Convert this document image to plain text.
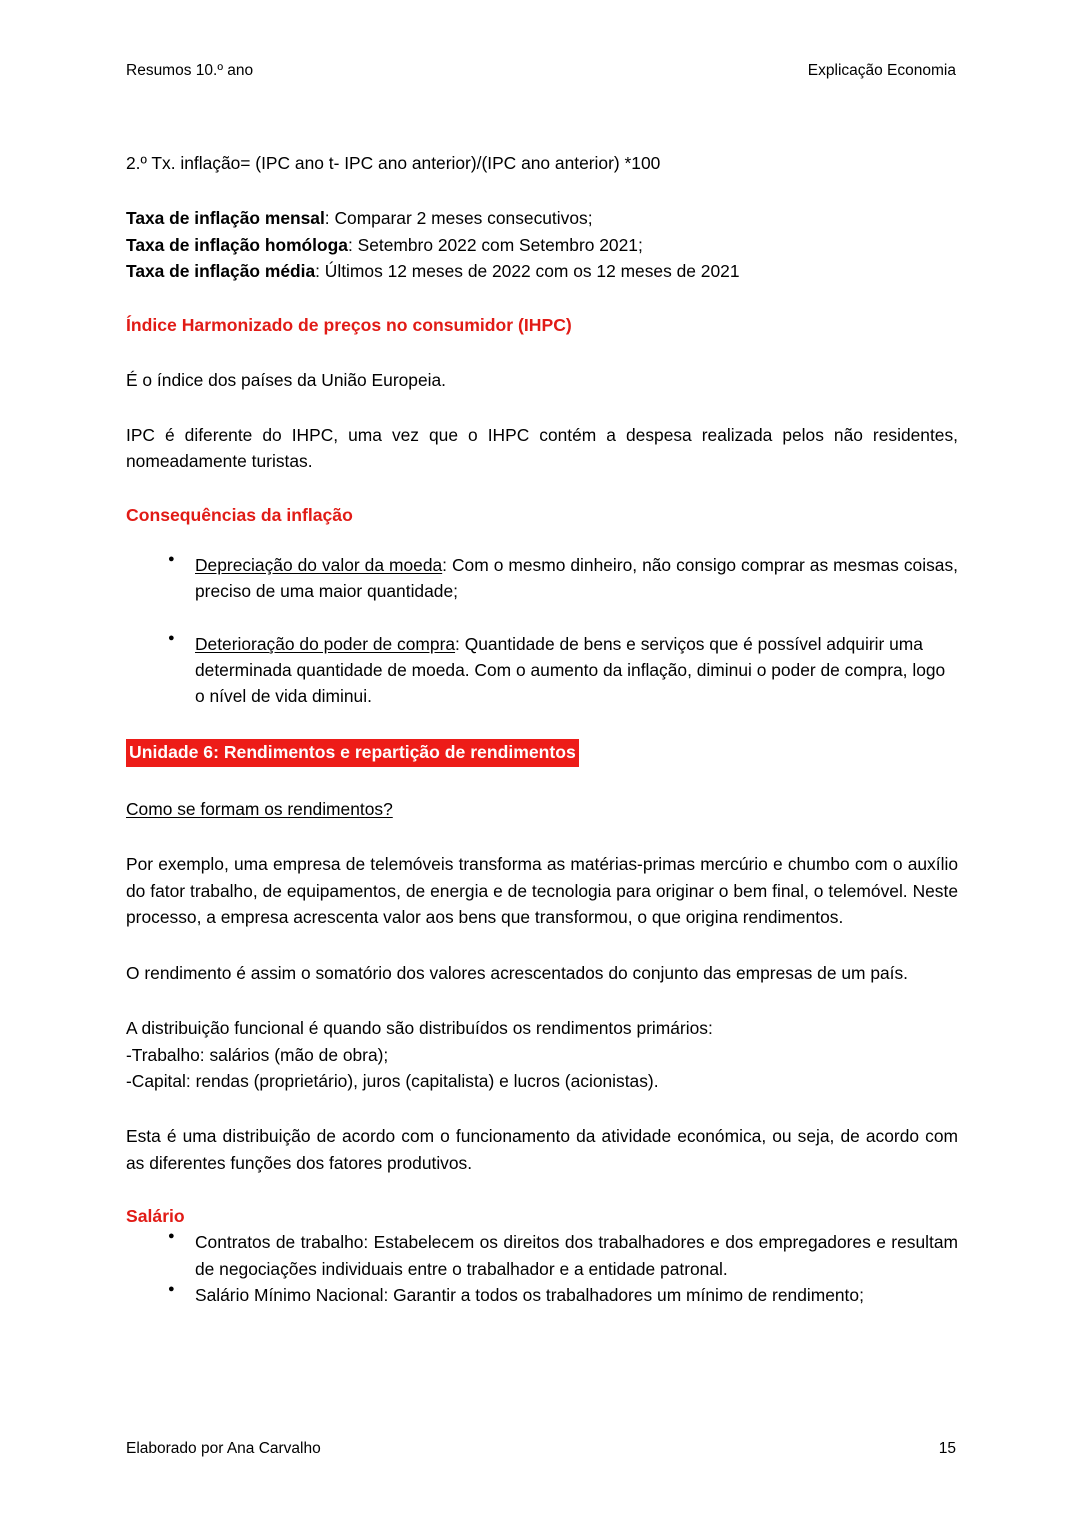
Resumos 10.º ano	Explicação Economia

2.º Tx. inflação= (IPC ano t- IPC ano anterior)/(IPC ano anterior) *100

Taxa de inflação mensal: Comparar 2 meses consecutivos;

Taxa de inflação homóloga: Setembro 2022 com Setembro 2021;

Taxa de inflação média: Últimos 12 meses de 2022 com os 12 meses de 2021

Índice Harmonizado de preços no consumidor (IHPC)

É o índice dos países da União Europeia.

IPC é diferente do IHPC, uma vez que o IHPC contém a despesa realizada pelos não residentes, nomeadamente turistas.

Consequências da inflação

● Depreciação do valor da moeda: Com o mesmo dinheiro, não consigo comprar as mesmas coisas, preciso de uma maior quantidade;
● Deterioração do poder de compra: Quantidade de bens e serviços que é possível adquirir uma determinada quantidade de moeda. Com o aumento da inflação, diminui o poder de compra, logo o nível de vida diminui.

Unidade 6: Rendimentos e repartição de rendimentos

Como se formam os rendimentos?

Por exemplo, uma empresa de telemóveis transforma as matérias-primas mercúrio e chumbo com o auxílio do fator trabalho, de equipamentos, de energia e de tecnologia para originar o bem final, o telemóvel. Neste processo, a empresa acrescenta valor aos bens que transformou, o que origina rendimentos.

O rendimento é assim o somatório dos valores acrescentados do conjunto das empresas de um país.

A distribuição funcional é quando são distribuídos os rendimentos primários:

-Trabalho: salários (mão de obra);

-Capital: rendas (proprietário), juros (capitalista) e lucros (acionistas).

Esta é uma distribuição de acordo com o funcionamento da atividade económica, ou seja, de acordo com as diferentes funções dos fatores produtivos.

Salário

● Contratos de trabalho: Estabelecem os direitos dos trabalhadores e dos empregadores e resultam de negociações individuais entre o trabalhador e a entidade patronal.
● Salário Mínimo Nacional: Garantir a todos os trabalhadores um mínimo de rendimento;
Elaborado por Ana Carvalho	15
